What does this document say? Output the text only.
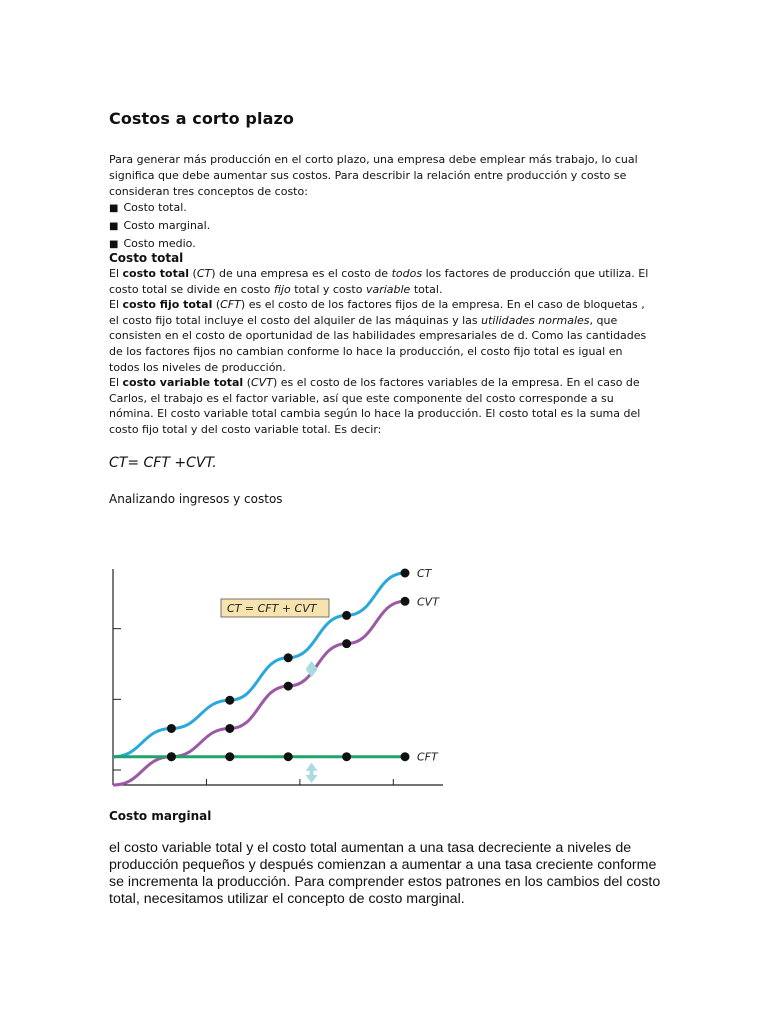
Costos a corto plazo
Para generar más producción en el corto plazo, una empresa debe emplear más trabajo, lo cual significa que debe aumentar sus costos. Para describir la relación entre producción y costo se consideran tres conceptos de costo:
■ Costo total.
■ Costo marginal.
■ Costo medio.
Costo total
El costo total (CT) de una empresa es el costo de todos los factores de producción que utiliza. El costo total se divide en costo fijo total y costo variable total.
El costo fijo total (CFT) es el costo de los factores fijos de la empresa. En el caso de bloquetas , el costo fijo total incluye el costo del alquiler de las máquinas y las utilidades normales, que consisten en el costo de oportunidad de las habilidades empresariales de d. Como las cantidades de los factores fijos no cambian conforme lo hace la producción, el costo fijo total es igual en todos los niveles de producción.
El costo variable total (CVT) es el costo de los factores variables de la empresa. En el caso de Carlos, el trabajo es el factor variable, así que este componente del costo corresponde a su nómina. El costo variable total cambia según lo hace la producción. El costo total es la suma del costo fijo total y del costo variable total. Es decir:
CT= CFT +CVT.
Analizando ingresos y costos
CT
CVT
CFT
CT = CFT + CVT
Costo marginal
el costo variable total y el costo total aumentan a una tasa decreciente a niveles de producción pequeños y después comienzan a aumentar a una tasa creciente conforme se incrementa la producción. Para comprender estos patrones en los cambios del costo total, necesitamos utilizar el concepto de costo marginal.
